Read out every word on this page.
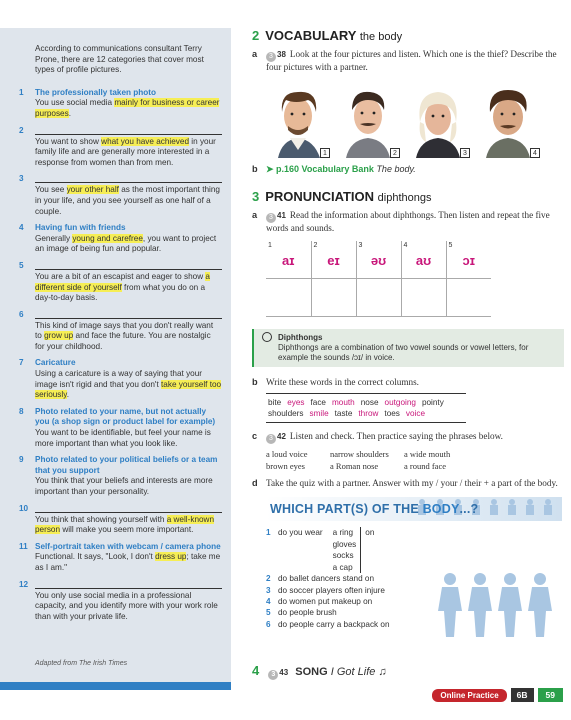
According to communications consultant Terry Prone, there are 12 categories that cover most types of profile pictures.

1 The professionally taken photo

You use social media mainly for business or career purposes.

2

You want to show what you have achieved in your family life and are generally more interested in a response from women than from men.

3

You see your other half as the most important thing in your life, and you see yourself as one half of a couple.

4 Having fun with friends

Generally young and carefree, you want to project an image of being fun and popular.

5

You are a bit of an escapist and eager to show a different side of yourself from what you do on a day-to-day basis.

6

This kind of image says that you don't really want to grow up and face the future. You are nostalgic for your childhood.

7 Caricature

Using a caricature is a way of saying that your image isn't rigid and that you don't take yourself too seriously.

8 Photo related to your name, but not actually you (a shop sign or product label for example)

You want to be identifiable, but feel your name is more important than what you look like.

9 Photo related to your political beliefs or a team that you support

You think that your beliefs and interests are more important than your personality.

10

You think that showing yourself with a well-known person will make you seem more important.

11 Self-portrait taken with webcam / camera phone

Functional. It says, "Look, I don't dress up; take me as I am."

12

You only use social media in a professional capacity, and you identify more with your work role than with your private life.

Adapted from The Irish Times
2 VOCABULARY the body
a 3 38 Look at the four pictures and listen. Which one is the thief? Describe the four pictures with a partner.
1	2	3	4
b ➤ p.160 Vocabulary Bank The body.
3 PRONUNCIATION diphthongs
a 3 41 Read the information about diphthongs. Then listen and repeat the five words and sounds.
1
aɪ	2
eɪ	3
əʊ	4
aʊ	5
ɔɪ

Diphthongs
Diphthongs are a combination of two vowel sounds or vowel letters, for example the sounds /ɔɪ/ in voice.
b Write these words in the correct columns.
bite eyes face mouth nose outgoing pointy
shoulders smile taste throw toes voice
c 3 42 Listen and check. Then practice saying the phrases below.
a loud voice	narrow shoulders	a wide mouth
brown eyes	a Roman nose	a round face
d Take the quiz with a partner. Answer with my / your / their + a part of the body.
WHICH PART(S) OF THE BODY...?
1 do you wear a ring
gloves
socks
a cap
on
2 do ballet dancers stand on
3 do soccer players often injure
4 do women put makeup on
5 do people brush
6 do people carry a backpack on
4 3 43 SONG I Got Life ♫
Online Practice	6B	59
